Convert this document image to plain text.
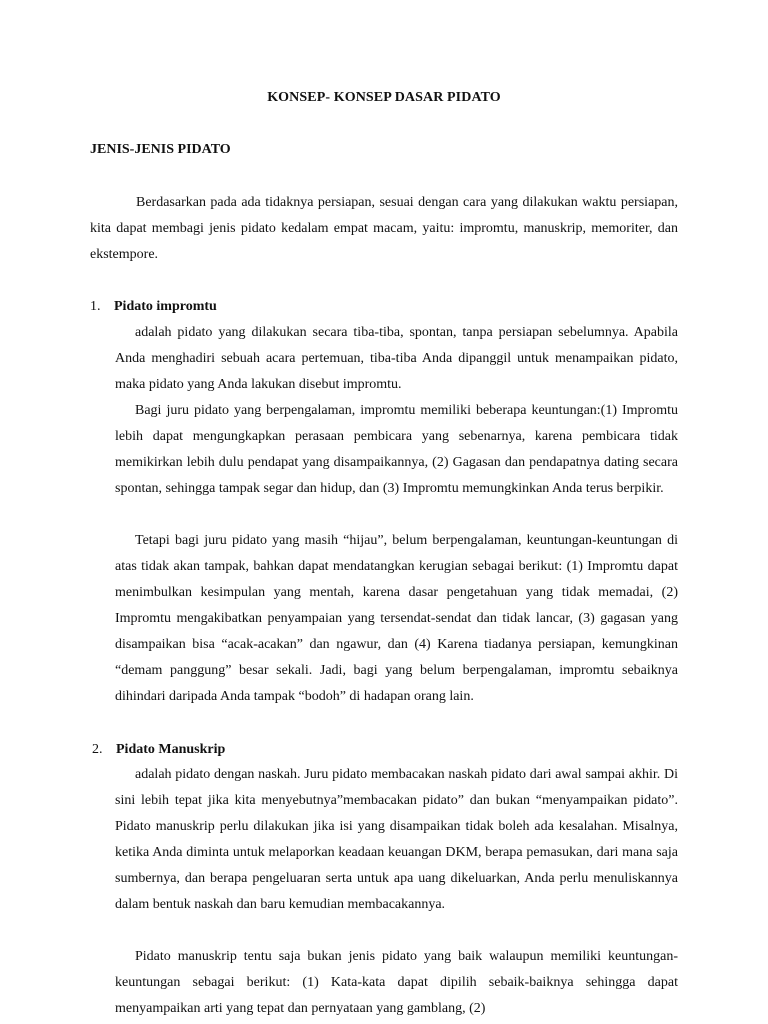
KONSEP- KONSEP DASAR PIDATO
JENIS-JENIS PIDATO

Berdasarkan pada ada tidaknya persiapan, sesuai dengan cara yang dilakukan waktu persiapan, kita dapat membagi jenis pidato kedalam empat macam, yaitu: impromtu, manuskrip, memoriter, dan ekstempore.

1. Pidato impromtu

adalah pidato yang dilakukan secara tiba-tiba, spontan, tanpa persiapan sebelumnya. Apabila Anda menghadiri sebuah acara pertemuan, tiba-tiba Anda dipanggil untuk menampaikan pidato, maka pidato yang Anda lakukan disebut impromtu.

Bagi juru pidato yang berpengalaman, impromtu memiliki beberapa keuntungan:(1) Impromtu lebih dapat mengungkapkan perasaan pembicara yang sebenarnya, karena pembicara tidak memikirkan lebih dulu pendapat yang disampaikannya, (2) Gagasan dan pendapatnya dating secara spontan, sehingga tampak segar dan hidup, dan (3) Impromtu memungkinkan Anda terus berpikir.

Tetapi bagi juru pidato yang masih “hijau”, belum berpengalaman, keuntungan-keuntungan di atas tidak akan tampak, bahkan dapat mendatangkan kerugian sebagai berikut: (1) Impromtu dapat menimbulkan kesimpulan yang mentah, karena dasar pengetahuan yang tidak memadai, (2) Impromtu mengakibatkan penyampaian yang tersendat-sendat dan tidak lancar, (3) gagasan yang disampaikan bisa “acak-acakan” dan ngawur, dan (4) Karena tiadanya persiapan, kemungkinan “demam panggung” besar sekali. Jadi, bagi yang belum berpengalaman, impromtu sebaiknya dihindari daripada Anda tampak “bodoh” di hadapan orang lain.

2. Pidato Manuskrip

adalah pidato dengan naskah. Juru pidato membacakan naskah pidato dari awal sampai akhir. Di sini lebih tepat jika kita menyebutnya”membacakan pidato” dan bukan “menyampaikan pidato”. Pidato manuskrip perlu dilakukan jika isi yang disampaikan tidak boleh ada kesalahan. Misalnya, ketika Anda diminta untuk melaporkan keadaan keuangan DKM, berapa pemasukan, dari mana saja sumbernya, dan berapa pengeluaran serta untuk apa uang dikeluarkan, Anda perlu menuliskannya dalam bentuk naskah dan baru kemudian membacakannya.

Pidato manuskrip tentu saja bukan jenis pidato yang baik walaupun memiliki keuntungan-keuntungan sebagai berikut: (1) Kata-kata dapat dipilih sebaik-baiknya sehingga dapat menyampaikan arti yang tepat dan pernyataan yang gamblang, (2)
